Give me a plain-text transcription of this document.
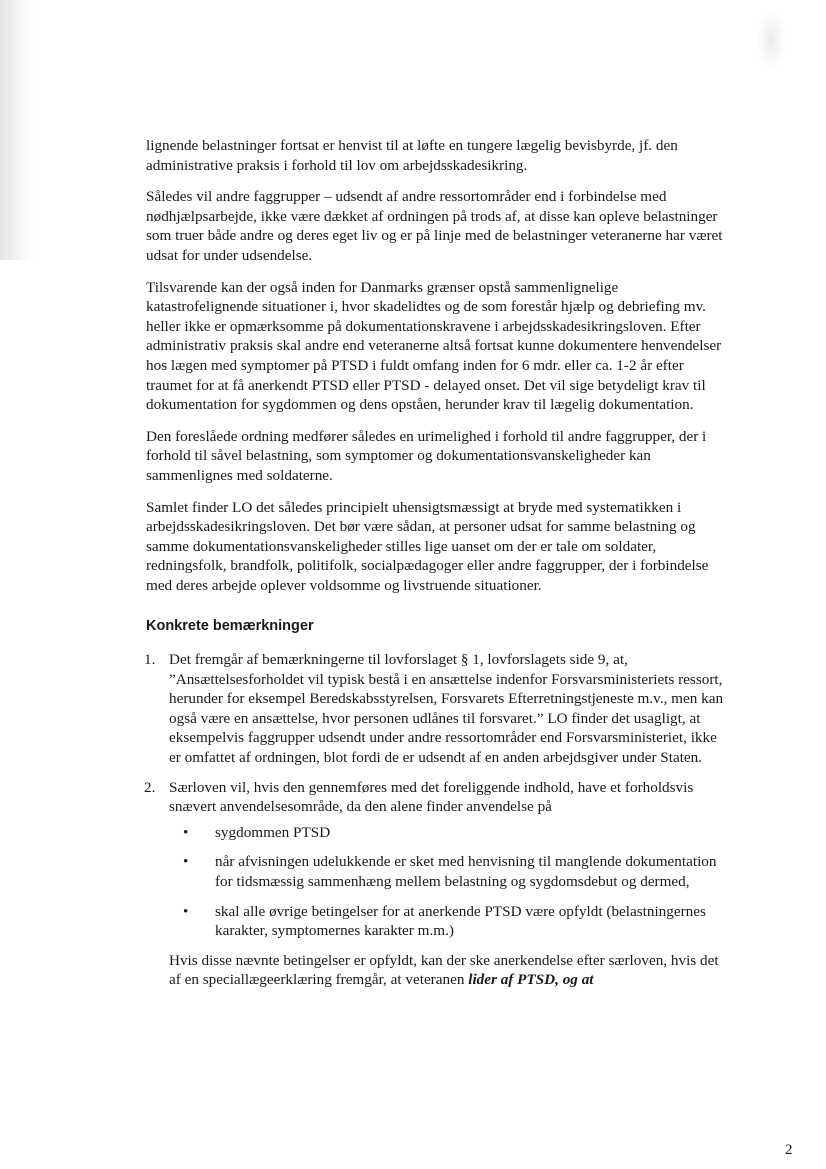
lignende belastninger fortsat er henvist til at løfte en tungere lægelig bevisbyrde, jf. den administrative praksis i forhold til lov om arbejdsskadesikring.

Således vil andre faggrupper – udsendt af andre ressortområder end i forbindelse med nødhjælpsarbejde, ikke være dækket af ordningen på trods af, at disse kan opleve belastninger som truer både andre og deres eget liv og er på linje med de belastninger veteranerne har været udsat for under udsendelse.

Tilsvarende kan der også inden for Danmarks grænser opstå sammenlignelige katastrofelignende situationer i, hvor skadelidtes og de som forestår hjælp og debriefing mv. heller ikke er opmærksomme på dokumentationskravene i arbejdsskadesikringsloven. Efter administrativ praksis skal andre end veteranerne altså fortsat kunne dokumentere henvendelser hos lægen med symptomer på PTSD i fuldt omfang inden for 6 mdr. eller ca. 1-2 år efter traumet for at få anerkendt PTSD eller PTSD - delayed onset. Det vil sige betydeligt krav til dokumentation for sygdommen og dens opståen, herunder krav til lægelig dokumentation.

Den foreslåede ordning medfører således en urimelighed i forhold til andre faggrupper, der i forhold til såvel belastning, som symptomer og dokumentationsvanskeligheder kan sammenlignes med soldaterne.

Samlet finder LO det således principielt uhensigtsmæssigt at bryde med systematikken i arbejdsskadesikringsloven. Det bør være sådan, at personer udsat for samme belastning og samme dokumentationsvanskeligheder stilles lige uanset om der er tale om soldater, redningsfolk, brandfolk, politifolk, socialpædagoger eller andre faggrupper, der i forbindelse med deres arbejde oplever voldsomme og livstruende situationer.

Konkrete bemærkninger
1. Det fremgår af bemærkningerne til lovforslaget § 1, lovforslagets side 9, at, ”Ansættelsesforholdet vil typisk bestå i en ansættelse indenfor Forsvarsministeriets ressort, herunder for eksempel Beredskabsstyrelsen, Forsvarets Efterretningstjeneste m.v., men kan også være en ansættelse, hvor personen udlånes til forsvaret.” LO finder det usagligt, at eksempelvis faggrupper udsendt under andre ressortområder end Forsvarsministeriet, ikke er omfattet af ordningen, blot fordi de er udsendt af en anden arbejdsgiver under Staten.
2. Særloven vil, hvis den gennemføres med det foreliggende indhold, have et forholdsvis snævert anvendelsesområde, da den alene finder anvendelse på
• sygdommen PTSD
• når afvisningen udelukkende er sket med henvisning til manglende dokumentation for tidsmæssig sammenhæng mellem belastning og sygdomsdebut og dermed,
• skal alle øvrige betingelser for at anerkende PTSD være opfyldt (belastningernes karakter, symptomernes karakter m.m.)

Hvis disse nævnte betingelser er opfyldt, kan der ske anerkendelse efter særloven, hvis det af en speciallægeerklæring fremgår, at veteranen lider af PTSD, og at

2
